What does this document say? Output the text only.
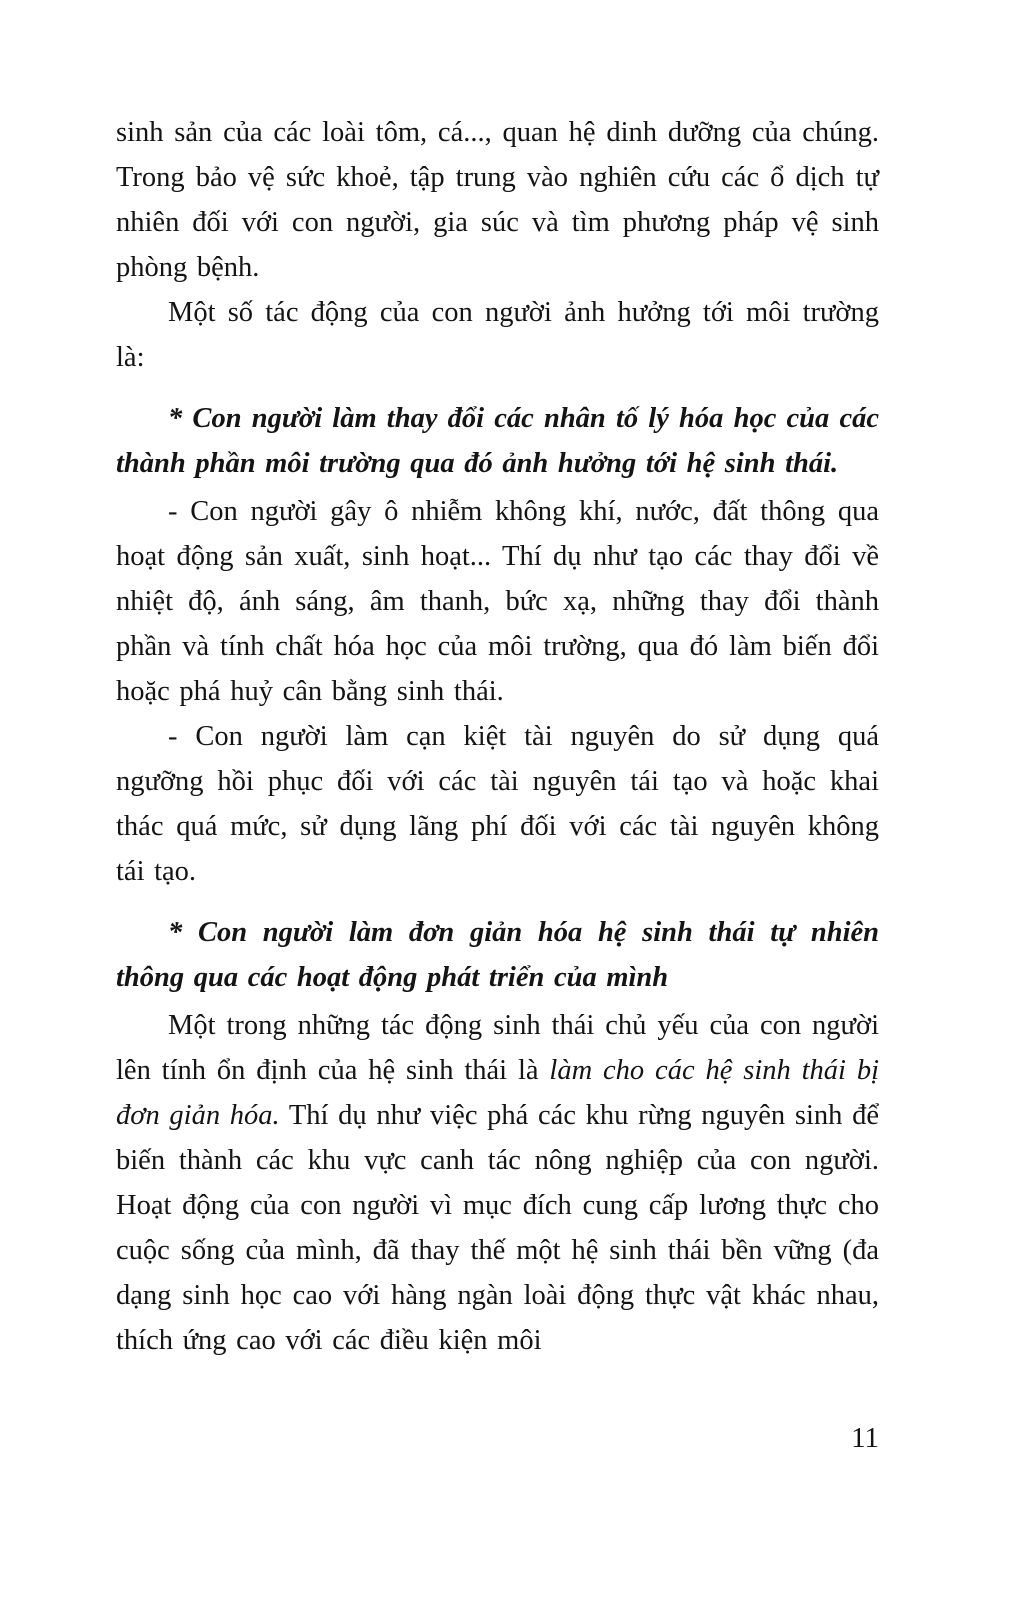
sinh sản của các loài tôm, cá..., quan hệ dinh dưỡng của chúng. Trong bảo vệ sức khoẻ, tập trung vào nghiên cứu các ổ dịch tự nhiên đối với con người, gia súc và tìm phương pháp vệ sinh phòng bệnh.

Một số tác động của con người ảnh hưởng tới môi trường là:

* Con người làm thay đổi các nhân tố lý hóa học của các thành phần môi trường qua đó ảnh hưởng tới hệ sinh thái.

- Con người gây ô nhiễm không khí, nước, đất thông qua hoạt động sản xuất, sinh hoạt... Thí dụ như tạo các thay đổi về nhiệt độ, ánh sáng, âm thanh, bức xạ, những thay đổi thành phần và tính chất hóa học của môi trường, qua đó làm biến đổi hoặc phá huỷ cân bằng sinh thái.

- Con người làm cạn kiệt tài nguyên do sử dụng quá ngưỡng hồi phục đối với các tài nguyên tái tạo và hoặc khai thác quá mức, sử dụng lãng phí đối với các tài nguyên không tái tạo.

* Con người làm đơn giản hóa hệ sinh thái tự nhiên thông qua các hoạt động phát triển của mình

Một trong những tác động sinh thái chủ yếu của con người lên tính ổn định của hệ sinh thái là làm cho các hệ sinh thái bị đơn giản hóa. Thí dụ như việc phá các khu rừng nguyên sinh để biến thành các khu vực canh tác nông nghiệp của con người. Hoạt động của con người vì mục đích cung cấp lương thực cho cuộc sống của mình, đã thay thế một hệ sinh thái bền vững (đa dạng sinh học cao với hàng ngàn loài động thực vật khác nhau, thích ứng cao với các điều kiện môi

11
